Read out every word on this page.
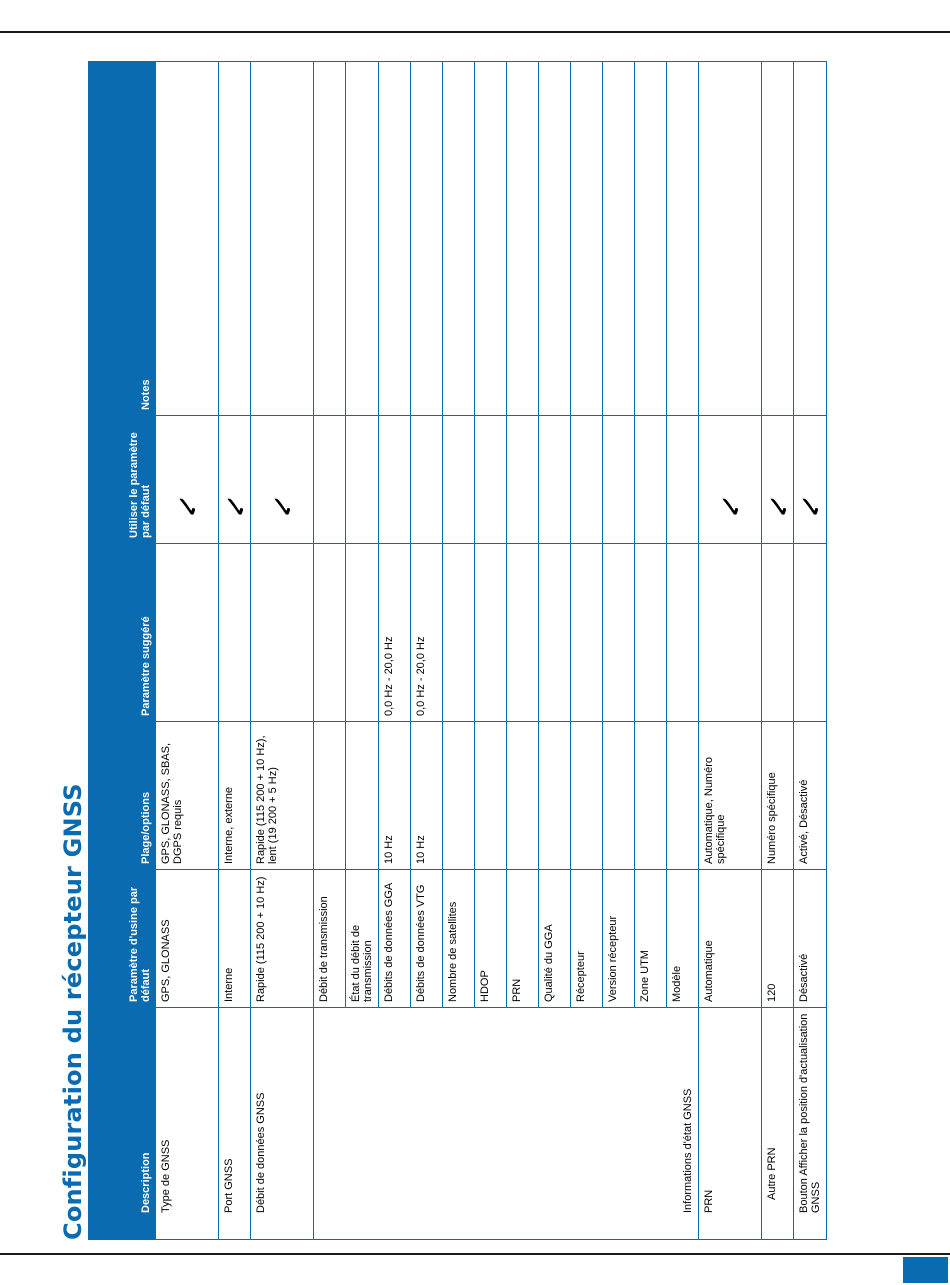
Configuration du récepteur GNSS	Description	Paramètre d'usine par défaut	Plage/options	Paramètre suggéré	Utiliser le paramètre par défaut	Notes
Type de GNSS	GPS, GLONASS	GPS, GLONASS, SBAS, DGPS requis		✓	
Port GNSS	Interne	Interne, externe		✓	
Débit de données GNSS	Rapide (115 200 + 10 Hz)	Rapide (115 200 + 10 Hz), lent (19 200 + 5 Hz)		✓	
Informations d'état GNSS	Débit de transmission				
	État du débit de transmission				
	Débits de données GGA	10 Hz	0,0 Hz - 20,0 Hz		
	Débits de données VTG	10 Hz	0,0 Hz - 20,0 Hz		
	Nombre de satellites				
	HDOP				
	PRN				
	Qualité du GGA				
	Récepteur				
	Version récepteur				
	Zone UTM				
	Modèle				
PRN	Automatique	Automatique, Numéro spécifique		✓	
Autre PRN	120	Numéro spécifique		✓	
Bouton Afficher la position d'actualisation GNSS	Désactivé	Activé, Désactivé		✓	
